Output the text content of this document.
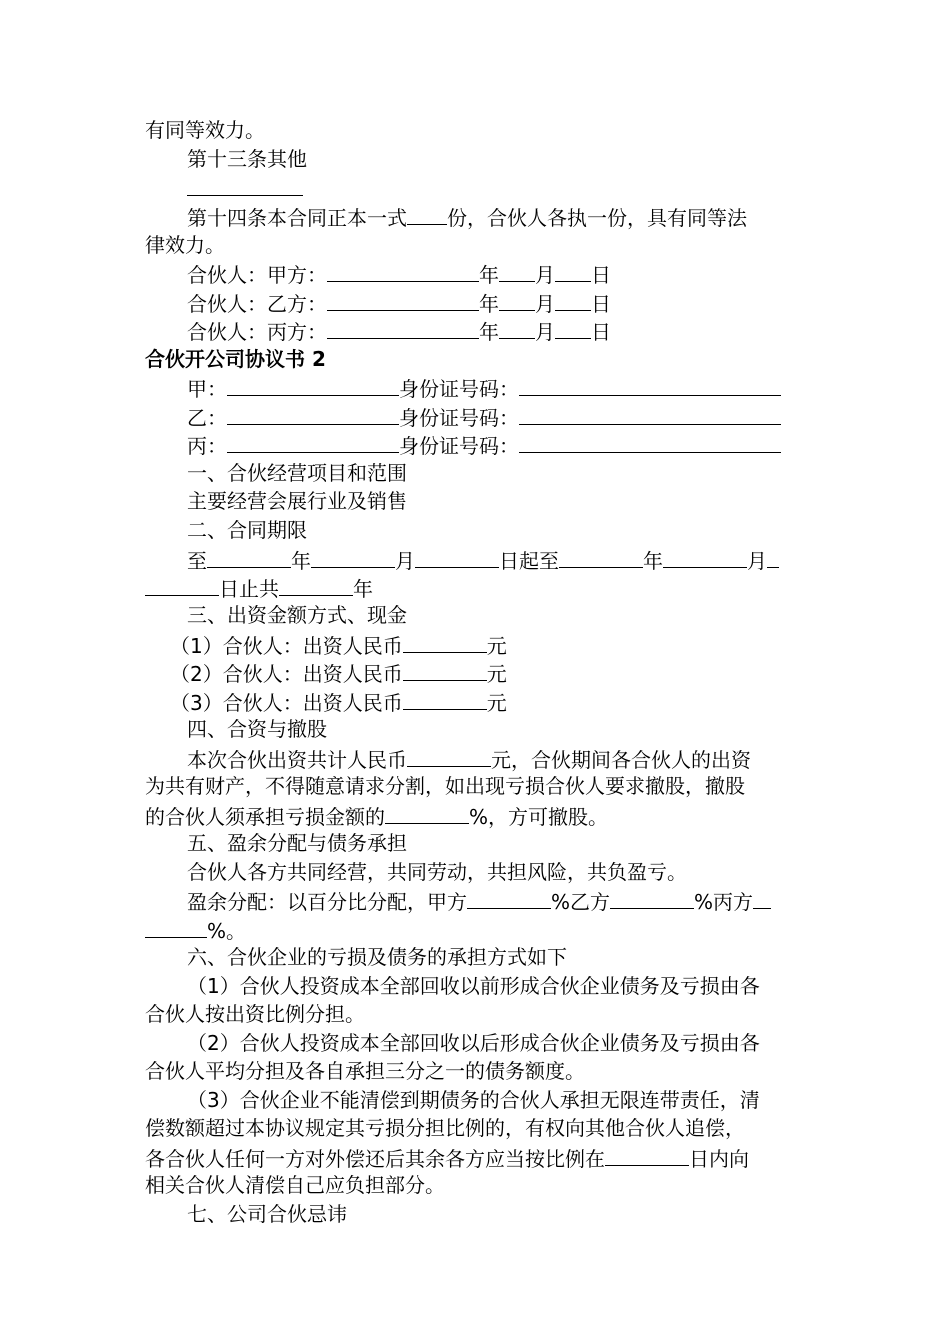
有同等效力。
第十三条其他
第十四条本合同正本一式 份，合伙人各执一份，具有同等法
律效力。
合伙人：甲方：	年 月 日
合伙人：乙方：	年 月 日
合伙人：丙方：	年 月 日
合伙开公司协议书 2
甲：	身份证号码：
乙：	身份证号码：
丙：	身份证号码：
一、合伙经营项目和范围
主要经营会展行业及销售
二、合同期限
至	年	月	日起至	年	月
日止共	年
三、出资金额方式、现金
（1）合伙人：出资人民币	元
（2）合伙人：出资人民币	元
（3）合伙人：出资人民币	元
四、合资与撤股
本次合伙出资共计人民币	元，合伙期间各合伙人的出资
为共有财产，不得随意请求分割，如出现亏损合伙人要求撤股，撤股
的合伙人须承担亏损金额的	%，方可撤股。
五、盈余分配与债务承担
合伙人各方共同经营，共同劳动，共担风险，共负盈亏。
盈余分配：以百分比分配，甲方	%乙方	%丙方
%。
六、合伙企业的亏损及债务的承担方式如下
（1）合伙人投资成本全部回收以前形成合伙企业债务及亏损由各
合伙人按出资比例分担。
（2）合伙人投资成本全部回收以后形成合伙企业债务及亏损由各
合伙人平均分担及各自承担三分之一的债务额度。
（3）合伙企业不能清偿到期债务的合伙人承担无限连带责任，清
偿数额超过本协议规定其亏损分担比例的，有权向其他合伙人追偿，
各合伙人任何一方对外偿还后其余各方应当按比例在	日内向
相关合伙人清偿自己应负担部分。
七、公司合伙忌讳
